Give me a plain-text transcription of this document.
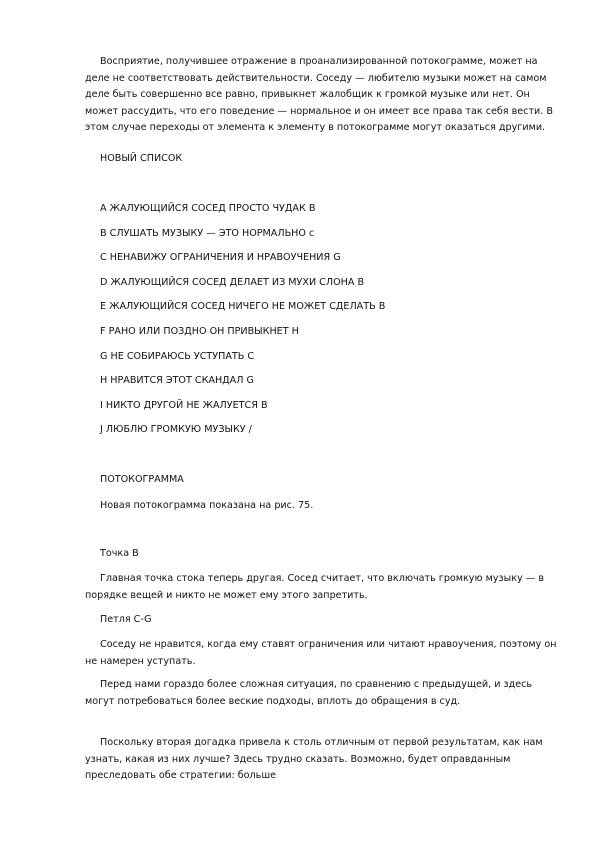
Восприятие, получившее отражение в проанализированной потокограмме, может на деле не соответствовать действительности. Соседу — любителю музыки может на самом деле быть совершенно все равно, привыкнет жалобщик к громкой музыке или нет. Он может рассудить, что его поведение — нормальное и он имеет все права так себя вести. В этом случае переходы от элемента к элементу в потокограмме могут оказаться другими.

НОВЫЙ СПИСОК

A ЖАЛУЮЩИЙСЯ СОСЕД ПРОСТО ЧУДАК B
B СЛУШАТЬ МУЗЫКУ — ЭТО НОРМАЛЬНО c
C НЕНАВИЖУ ОГРАНИЧЕНИЯ И НРАВОУЧЕНИЯ G
D ЖАЛУЮЩИЙСЯ СОСЕД ДЕЛАЕТ ИЗ МУХИ СЛОНА B
E ЖАЛУЮЩИЙСЯ СОСЕД НИЧЕГО НЕ МОЖЕТ СДЕЛАТЬ B
F РАНО ИЛИ ПОЗДНО ОН ПРИВЫКНЕТ H
G НЕ СОБИРАЮСЬ УСТУПАТЬ C
H НРАВИТСЯ ЭТОТ СКАНДАЛ G
I НИКТО ДРУГОЙ НЕ ЖАЛУЕТСЯ B
J ЛЮБЛЮ ГРОМКУЮ МУЗЫКУ /

ПОТОКОГРАММА

Новая потокограмма показана на рис. 75.

Точка B

Главная точка стока теперь другая. Сосед считает, что включать громкую музыку — в порядке вещей и никто не может ему этого запретить.

Петля C-G

Соседу не нравится, когда ему ставят ограничения или читают нравоучения, поэтому он не намерен уступать.

Перед нами гораздо более сложная ситуация, по сравнению с предыдущей, и здесь могут потребоваться более веские подходы, вплоть до обращения в суд.

Поскольку вторая догадка привела к столь отличным от первой результатам, как нам узнать, какая из них лучше? Здесь трудно сказать. Возможно, будет оправданным преследовать обе стратегии: больше
